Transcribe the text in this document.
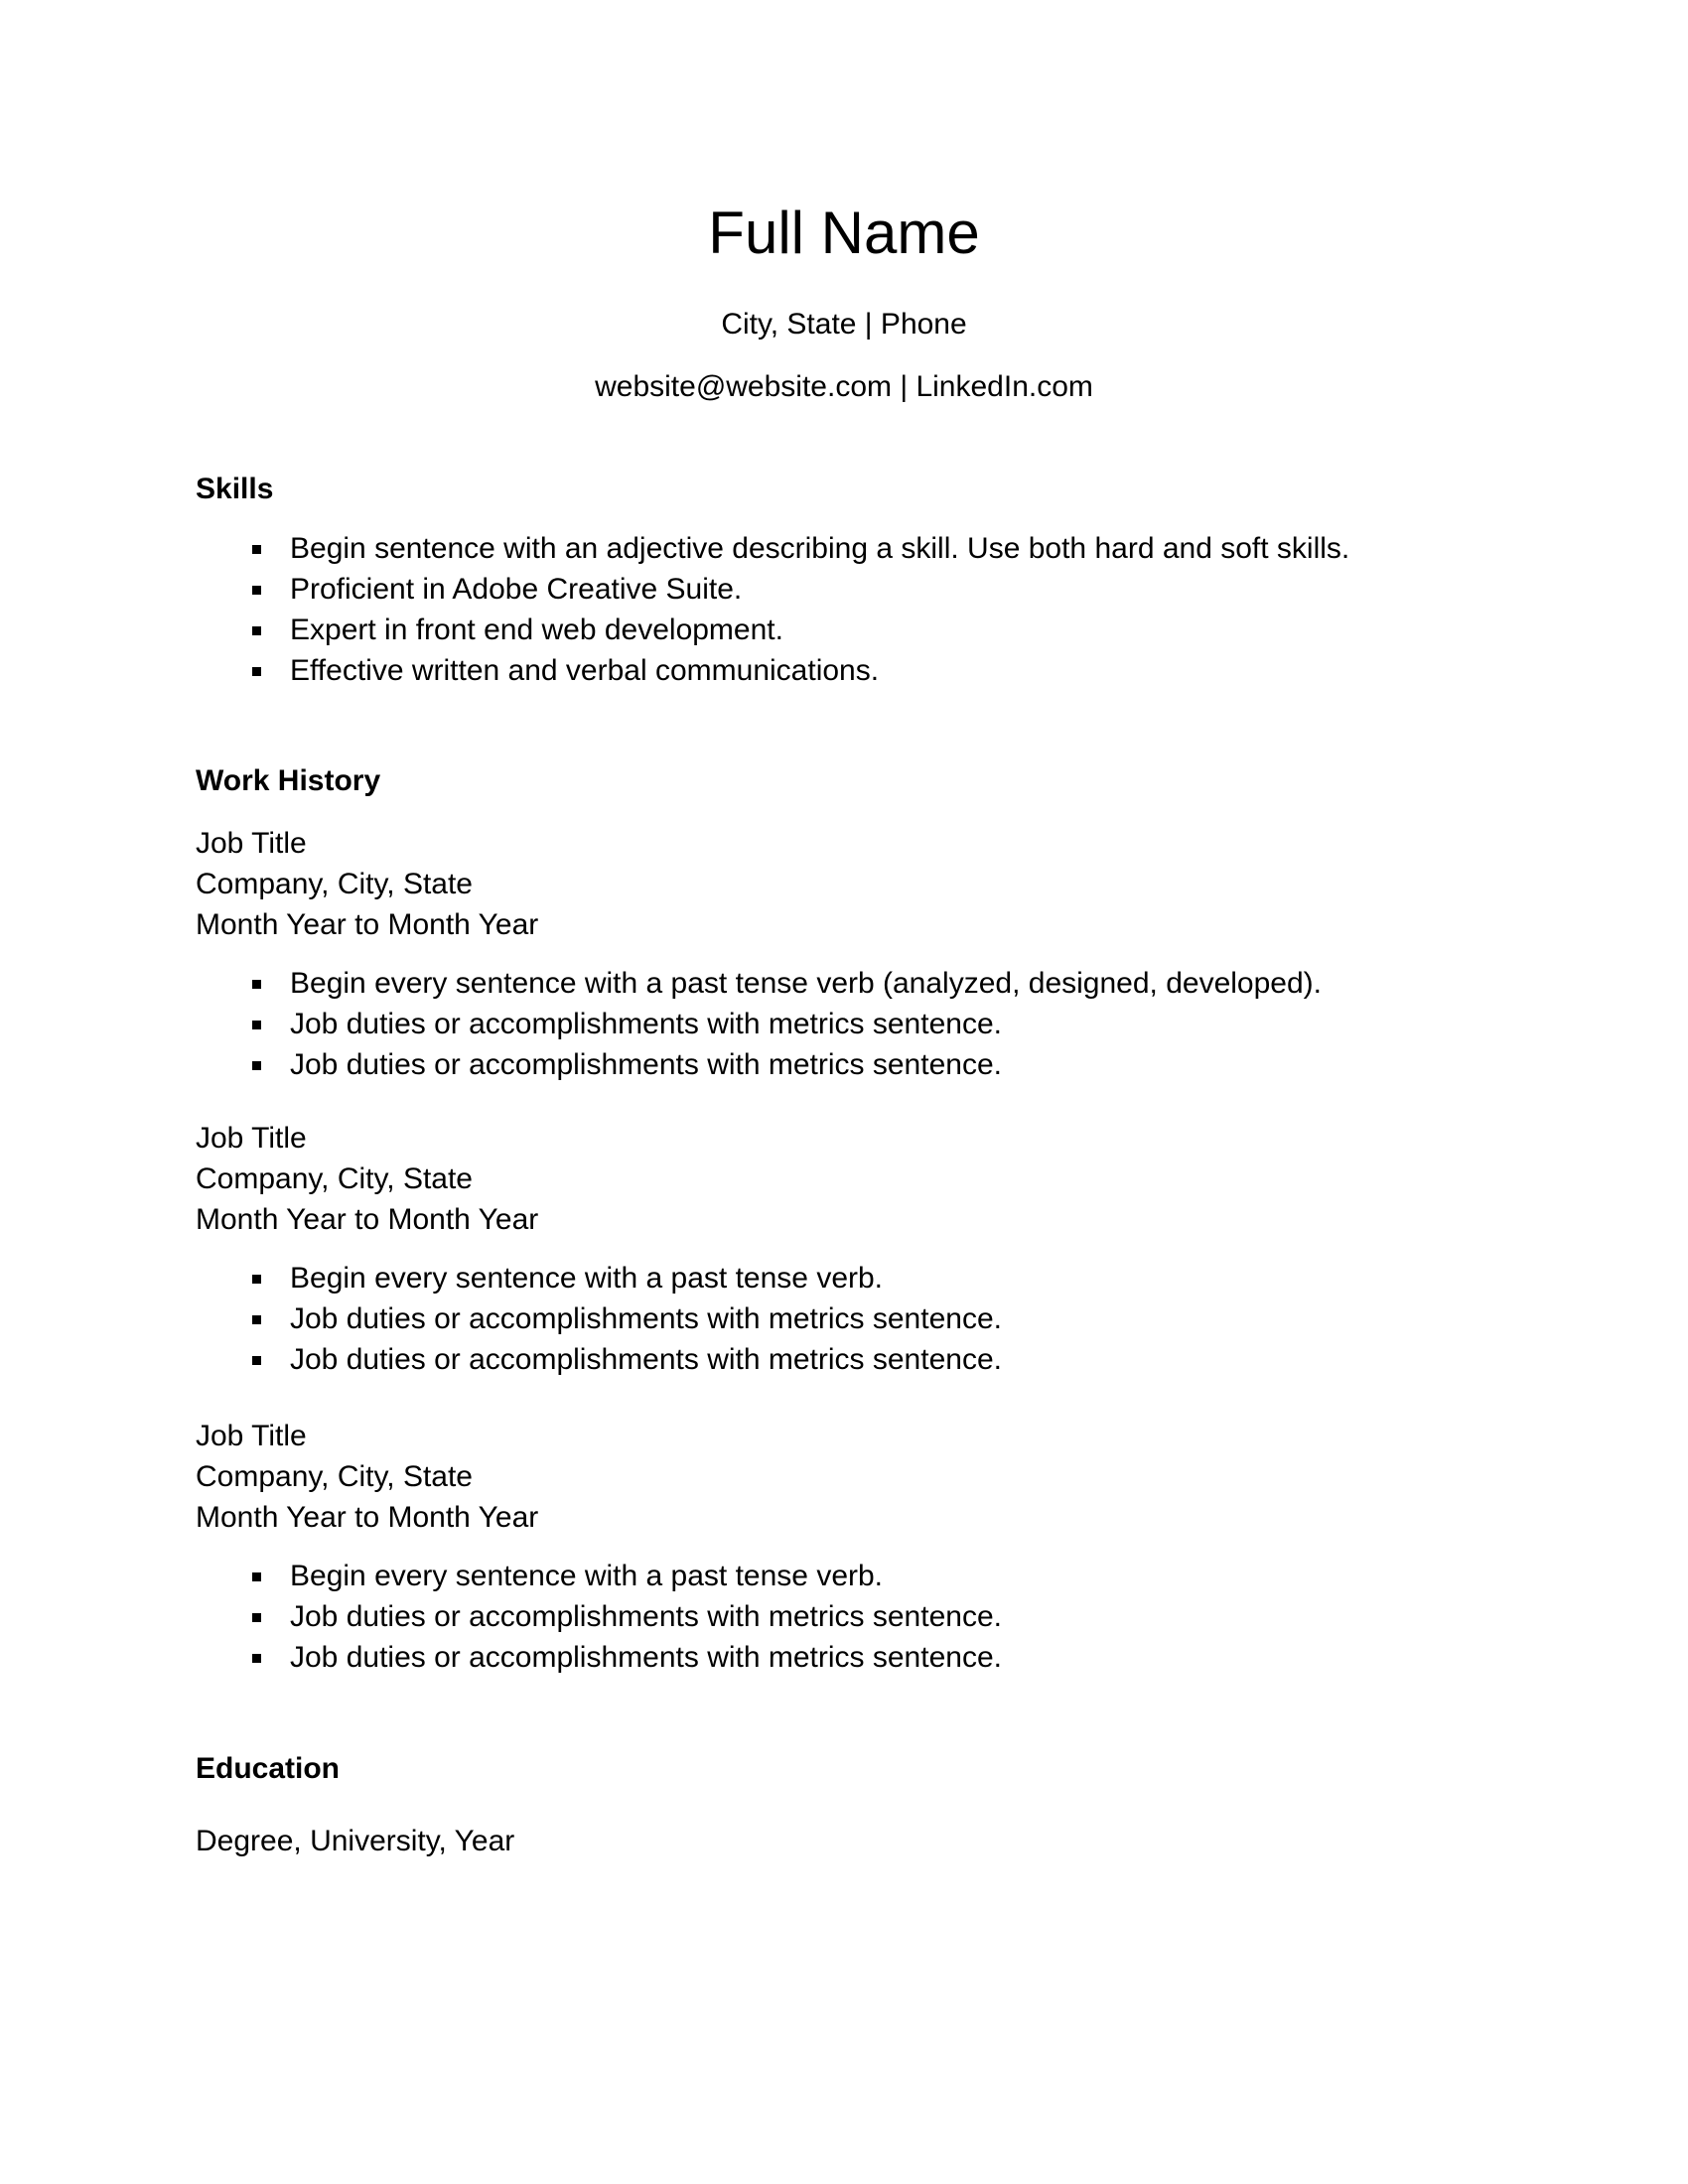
Full Name

City, State | Phone

website@website.com | LinkedIn.com

Skills
Begin sentence with an adjective describing a skill. Use both hard and soft skills.
Proficient in Adobe Creative Suite.
Expert in front end web development.
Effective written and verbal communications.
Work History

Job Title

Company, City, State

Month Year to Month Year

Begin every sentence with a past tense verb (analyzed, designed, developed).
Job duties or accomplishments with metrics sentence.
Job duties or accomplishments with metrics sentence.

Job Title

Company, City, State

Month Year to Month Year

Begin every sentence with a past tense verb.
Job duties or accomplishments with metrics sentence.
Job duties or accomplishments with metrics sentence.

Job Title

Company, City, State

Month Year to Month Year

Begin every sentence with a past tense verb.
Job duties or accomplishments with metrics sentence.
Job duties or accomplishments with metrics sentence.
Education

Degree, University, Year
